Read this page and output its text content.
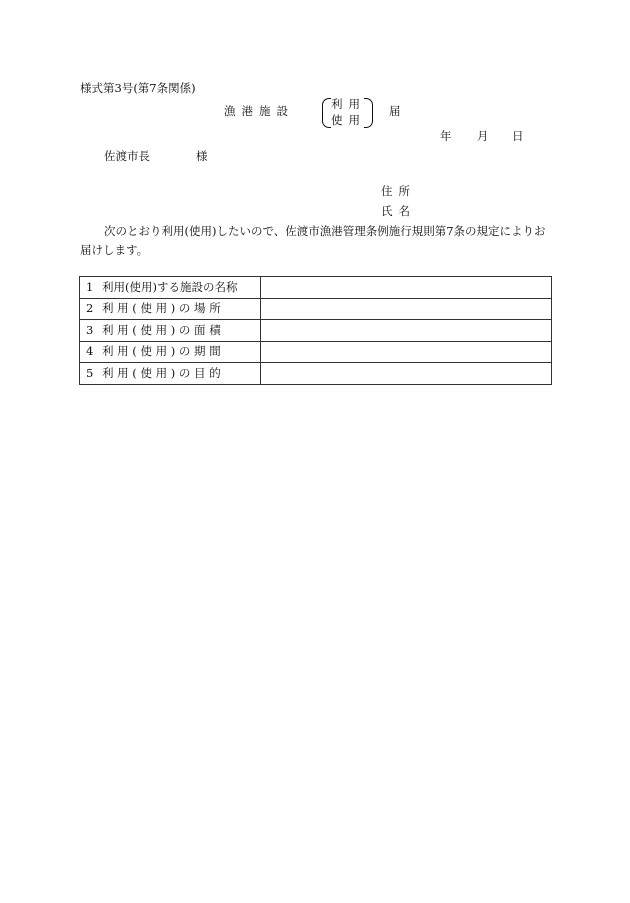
様式第3号(第7条関係)
漁港施設	利用
使用
届
年 月 日
佐渡市長	様
住所
氏名
次のとおり利用(使用)したいので、佐渡市漁港管理条例施行規則第7条の規定によりお届けします。
1 利用(使用)する施設の名称	
2 利 用 ( 使 用 ) の 場 所	
3 利 用 ( 使 用 ) の 面 積	
4 利 用 ( 使 用 ) の 期 間	
5 利 用 ( 使 用 ) の 目 的	
